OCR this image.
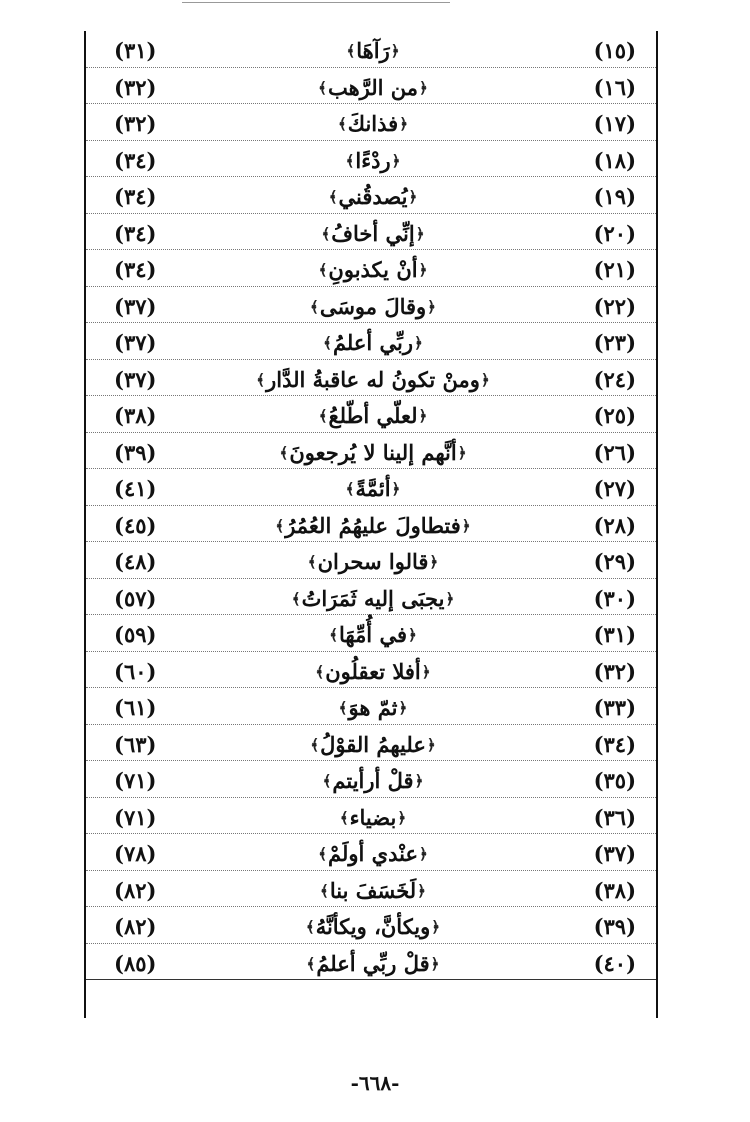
(٣١)	﴿رَآهَا﴾	(١٥)
(٣٢)	﴿من الرَّهب﴾	(١٦)
(٣٢)	﴿فذانكَ﴾	(١٧)
(٣٤)	﴿ردْءًا﴾	(١٨)
(٣٤)	﴿يُصدقُني﴾	(١٩)
(٣٤)	﴿إنِّي أخافُ﴾	(٢٠)
(٣٤)	﴿أنْ يكذبونِ﴾	(٢١)
(٣٧)	﴿وقالَ موسَى﴾	(٢٢)
(٣٧)	﴿ربِّي أعلمُ﴾	(٢٣)
(٣٧)	﴿ومنْ تكونُ له عاقبةُ الدَّار﴾	(٢٤)
(٣٨)	﴿لعلّي أطّلعُ﴾	(٢٥)
(٣٩)	﴿أنَّهم إلينا لا يُرجعونَ﴾	(٢٦)
(٤١)	﴿أئمَّةً﴾	(٢٧)
(٤٥)	﴿فتطاولَ عليهُمُ العُمُرُ﴾	(٢٨)
(٤٨)	﴿قالوا سحران﴾	(٢٩)
(٥٧)	﴿يجبَى إليه ثَمَرَاتُ﴾	(٣٠)
(٥٩)	﴿في أُمِّهَا﴾	(٣١)
(٦٠)	﴿أفلا تعقلُون﴾	(٣٢)
(٦١)	﴿ثمّ هوَ﴾	(٣٣)
(٦٣)	﴿عليهمُ القوْلُ﴾	(٣٤)
(٧١)	﴿قلْ أرأيتم﴾	(٣٥)
(٧١)	﴿بضياء﴾	(٣٦)
(٧٨)	﴿عنْدي أولَمْ﴾	(٣٧)
(٨٢)	﴿لَخَسَفَ بنا﴾	(٣٨)
(٨٢)	﴿ويكأنَّ، ويكأنَّهُ﴾	(٣٩)
(٨٥)	﴿قلْ ربِّي أعلمُ﴾	(٤٠)
-٦٦٨-
